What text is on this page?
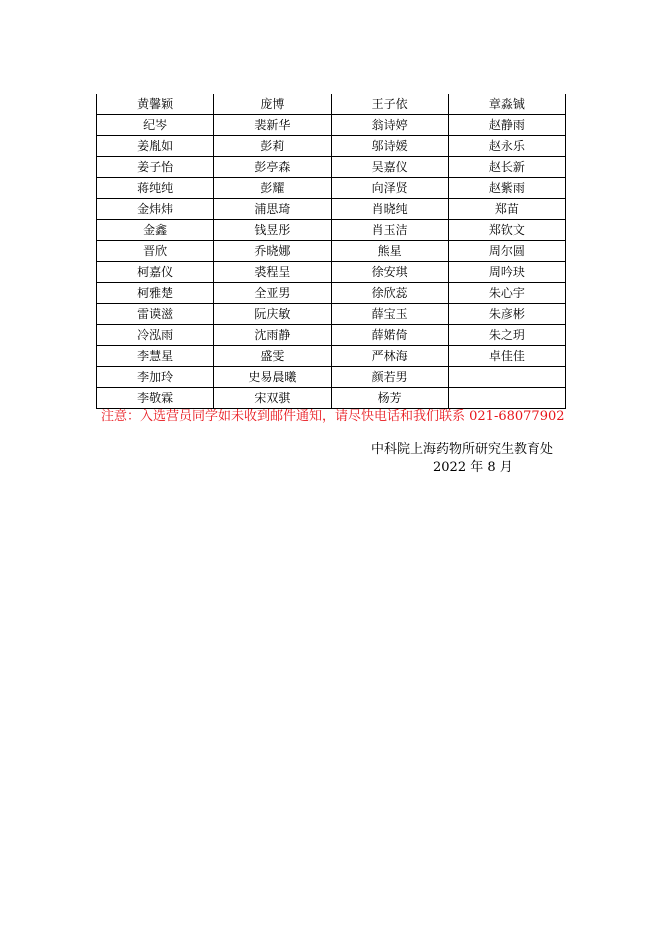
黄馨颖	庞博	王子依	章淼铖
纪岑	裴新华	翁诗婷	赵静雨
姜胤如	彭莉	邬诗媛	赵永乐
姜子怡	彭亭森	吴嘉仪	赵长新
蒋纯纯	彭耀	向泽贤	赵紫雨
金炜炜	浦思琦	肖晓纯	郑苗
金鑫	钱昱彤	肖玉洁	郑钦文
晋欣	乔晓娜	熊星	周尔圆
柯嘉仪	裘程呈	徐安琪	周吟玦
柯雅楚	全亚男	徐欣蕊	朱心宇
雷谟滋	阮庆敏	薛宝玉	朱彦彬
冷泓雨	沈雨静	薛婼倚	朱之玥
李慧星	盛雯	严林海	卓佳佳
李加玲	史易晨曦	颜若男	
李敬霖	宋双骐	杨芳	
注意：入选营员同学如未收到邮件通知，请尽快电话和我们联系 021-68077902
中科院上海药物所研究生教育处
2022 年 8 月
